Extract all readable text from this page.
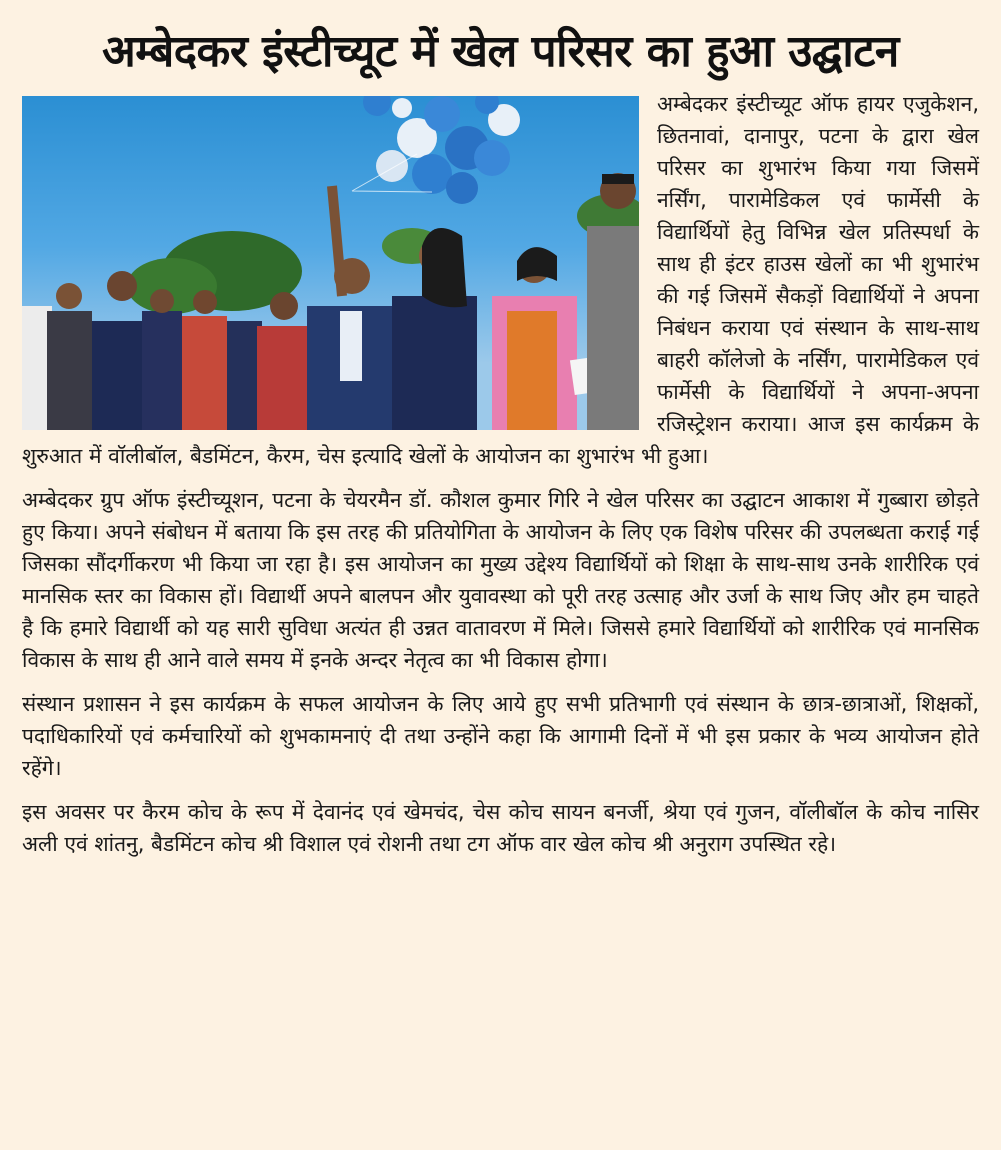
अम्बेदकर इंस्टीच्यूट में खेल परिसर का हुआ उद्घाटन

अम्बेदकर इंस्टीच्यूट ऑफ हायर एजुकेशन, छितनावां, दानापुर, पटना के द्वारा खेल परिसर का शुभारंभ किया गया जिसमें नर्सिंग, पारामेडिकल एवं फार्मेसी के विद्यार्थियों हेतु विभिन्न खेल प्रतिस्पर्धा के साथ ही इंटर हाउस खेलों का भी शुभारंभ की गई जिसमें सैकड़ों विद्यार्थियों ने अपना निबंधन कराया एवं संस्थान के साथ-साथ बाहरी कॉलेजो के नर्सिंग, पारामेडिकल एवं फार्मेसी के विद्यार्थियों ने अपना-अपना रजिस्ट्रेशन कराया। आज इस कार्यक्रम के शुरुआत में वॉलीबॉल, बैडमिंटन, कैरम, चेस इत्यादि खेलों के आयोजन का शुभारंभ भी हुआ।

अम्बेदकर ग्रुप ऑफ इंस्टीच्यूशन, पटना के चेयरमैन डॉ. कौशल कुमार गिरि ने खेल परिसर का उद्घाटन आकाश में गुब्बारा छोड़ते हुए किया। अपने संबोधन में बताया कि इस तरह की प्रतियोगिता के आयोजन के लिए एक विशेष परिसर की उपलब्धता कराई गई जिसका सौंदर्गीकरण भी किया जा रहा है। इस आयोजन का मुख्य उद्देश्य विद्यार्थियों को शिक्षा के साथ-साथ उनके शारीरिक एवं मानसिक स्तर का विकास हों। विद्यार्थी अपने बालपन और युवावस्था को पूरी तरह उत्साह और उर्जा के साथ जिए और हम चाहते है कि हमारे विद्यार्थी को यह सारी सुविधा अत्यंत ही उन्नत वातावरण में मिले। जिससे हमारे विद्यार्थियों को शारीरिक एवं मानसिक विकास के साथ ही आने वाले समय में इनके अन्दर नेतृत्व का भी विकास होगा।

संस्थान प्रशासन ने इस कार्यक्रम के सफल आयोजन के लिए आये हुए सभी प्रतिभागी एवं संस्थान के छात्र-छात्राओं, शिक्षकों, पदाधिकारियों एवं कर्मचारियों को शुभकामनाएं दी तथा उन्होंने कहा कि आगामी दिनों में भी इस प्रकार के भव्य आयोजन होते रहेंगे।

इस अवसर पर कैरम कोच के रूप में देवानंद एवं खेमचंद, चेस कोच सायन बनर्जी, श्रेया एवं गुजन, वॉलीबॉल के कोच नासिर अली एवं शांतनु, बैडमिंटन कोच श्री विशाल एवं रोशनी तथा टग ऑफ वार खेल कोच श्री अनुराग उपस्थित रहे।
